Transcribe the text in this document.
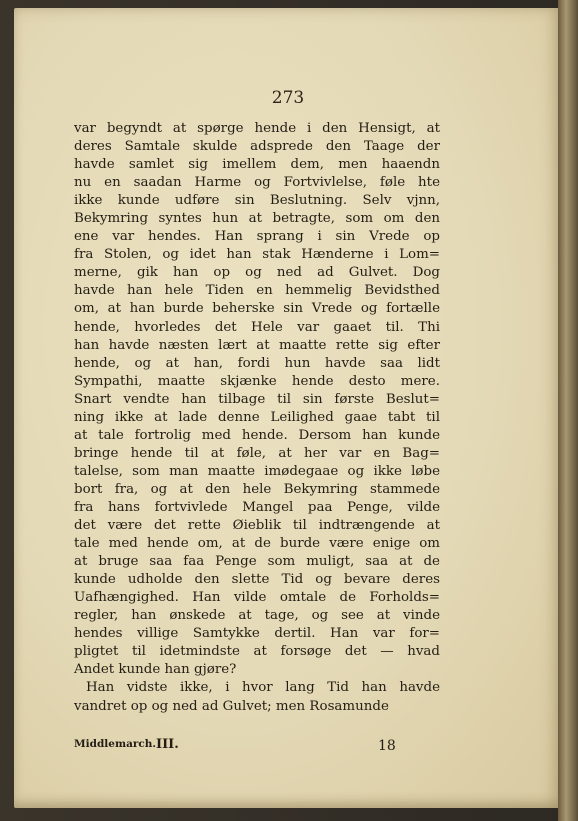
273
var begyndt at spørge hende i den Hensigt, at
deres Samtale skulde adsprede den Taage der
havde samlet sig imellem dem, men haaendn
nu en saadan Harme og Fortvivlelse, føle hte
ikke kunde udføre sin Beslutning. Selv vjnn,
Bekymring syntes hun at betragte, som om den
ene var hendes. Han sprang i sin Vrede op
fra Stolen, og idet han stak Hænderne i Lom=
merne, gik han op og ned ad Gulvet. Dog
havde han hele Tiden en hemmelig Bevidsthed
om, at han burde beherske sin Vrede og fortælle
hende, hvorledes det Hele var gaaet til. Thi
han havde næsten lært at maatte rette sig efter
hende, og at han, fordi hun havde saa lidt
Sympathi, maatte skjænke hende desto mere.
Snart vendte han tilbage til sin første Beslut=
ning ikke at lade denne Leilighed gaae tabt til
at tale fortrolig med hende. Dersom han kunde
bringe hende til at føle, at her var en Bag=
talelse, som man maatte imødegaae og ikke løbe
bort fra, og at den hele Bekymring stammede
fra hans fortvivlede Mangel paa Penge, vilde
det være det rette Øieblik til indtrængende at
tale med hende om, at de burde være enige om
at bruge saa faa Penge som muligt, saa at de
kunde udholde den slette Tid og bevare deres
Uafhængighed. Han vilde omtale de Forholds=
regler, han ønskede at tage, og see at vinde
hendes villige Samtykke dertil. Han var for=
pligtet til idetmindste at forsøge det — hvad
Andet kunde han gjøre?
Han vidste ikke, i hvor lang Tid han havde
vandret op og ned ad Gulvet; men Rosamunde
Middlemarch. III.	18
